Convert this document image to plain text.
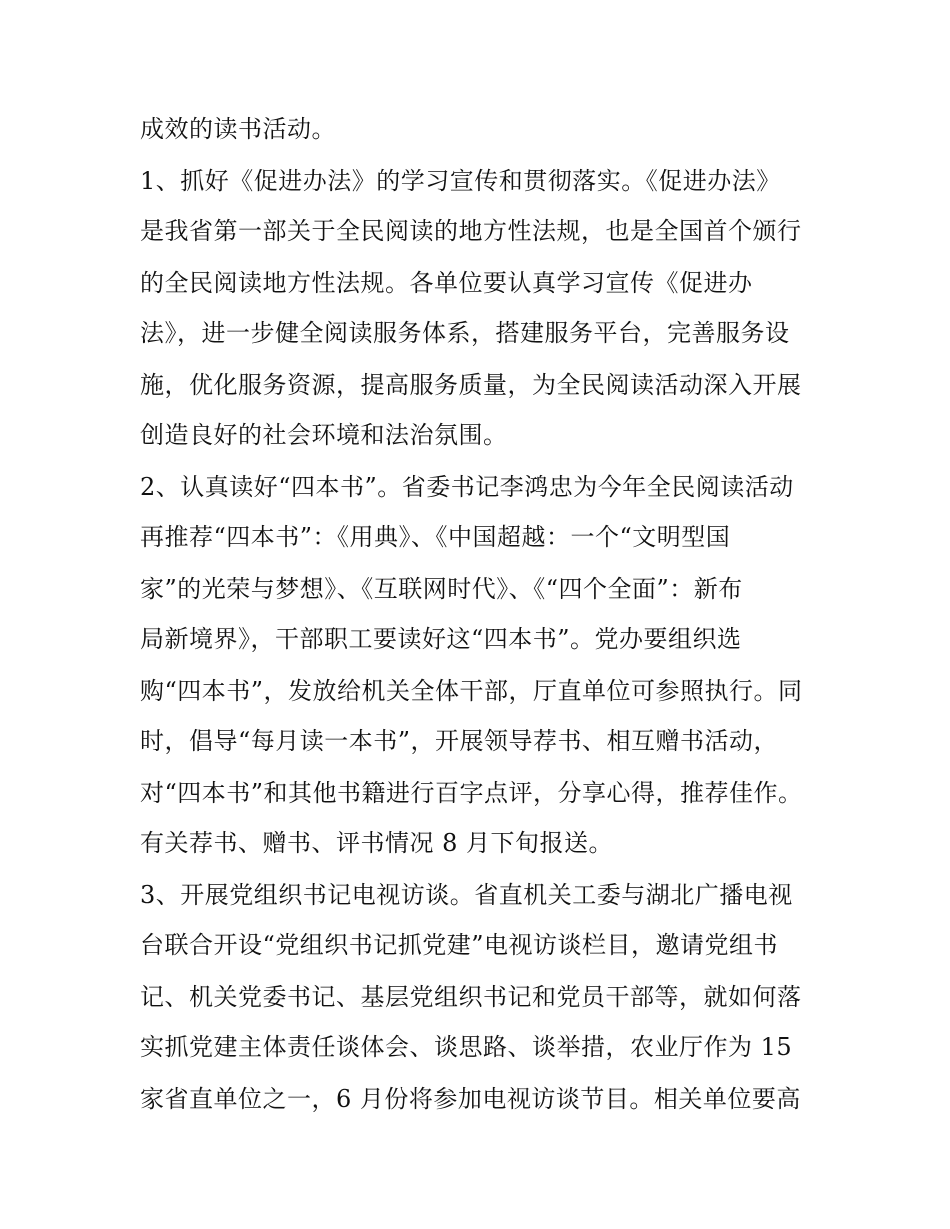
成效的读书活动。
1、抓好《促进办法》的学习宣传和贯彻落实。《促进办法》
是我省第一部关于全民阅读的地方性法规，也是全国首个颁行
的全民阅读地方性法规。各单位要认真学习宣传《促进办
法》，进一步健全阅读服务体系，搭建服务平台，完善服务设
施，优化服务资源，提高服务质量，为全民阅读活动深入开展
创造良好的社会环境和法治氛围。
2、认真读好“四本书”。省委书记李鸿忠为今年全民阅读活动
再推荐“四本书”：《用典》、《中国超越：一个“文明型国
家”的光荣与梦想》、《互联网时代》、《“四个全面”：新布
局新境界》，干部职工要读好这“四本书”。党办要组织选
购“四本书”，发放给机关全体干部，厅直单位可参照执行。同
时，倡导“每月读一本书”，开展领导荐书、相互赠书活动，
对“四本书”和其他书籍进行百字点评，分享心得，推荐佳作。
有关荐书、赠书、评书情况 8 月下旬报送。
3、开展党组织书记电视访谈。省直机关工委与湖北广播电视
台联合开设“党组织书记抓党建”电视访谈栏目，邀请党组书
记、机关党委书记、基层党组织书记和党员干部等，就如何落
实抓党建主体责任谈体会、谈思路、谈举措，农业厅作为 15
家省直单位之一，6 月份将参加电视访谈节目。相关单位要高
